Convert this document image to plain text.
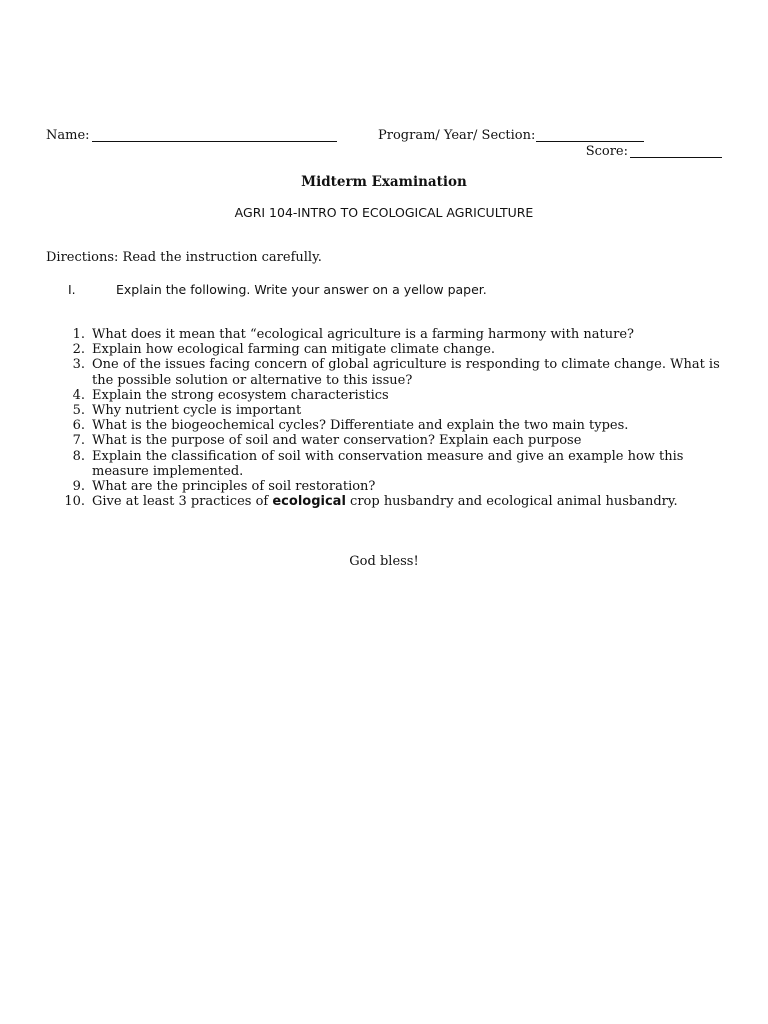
Name:	Program/ Year/ Section:
Score:
Midterm Examination
AGRI 104-INTRO TO ECOLOGICAL AGRICULTURE
Directions: Read the instruction carefully.
I.	Explain the following. Write your answer on a yellow paper.
1. What does it mean that “ecological agriculture is a farming harmony with nature?
2. Explain how ecological farming can mitigate climate change.
3. One of the issues facing concern of global agriculture is responding to climate change. What is the possible solution or alternative to this issue?
4. Explain the strong ecosystem characteristics
5. Why nutrient cycle is important
6. What is the biogeochemical cycles? Differentiate and explain the two main types.
7. What is the purpose of soil and water conservation? Explain each purpose
8. Explain the classification of soil with conservation measure and give an example how this measure implemented.
9. What are the principles of soil restoration?
10. Give at least 3 practices of ecological crop husbandry and ecological animal husbandry.
God bless!
